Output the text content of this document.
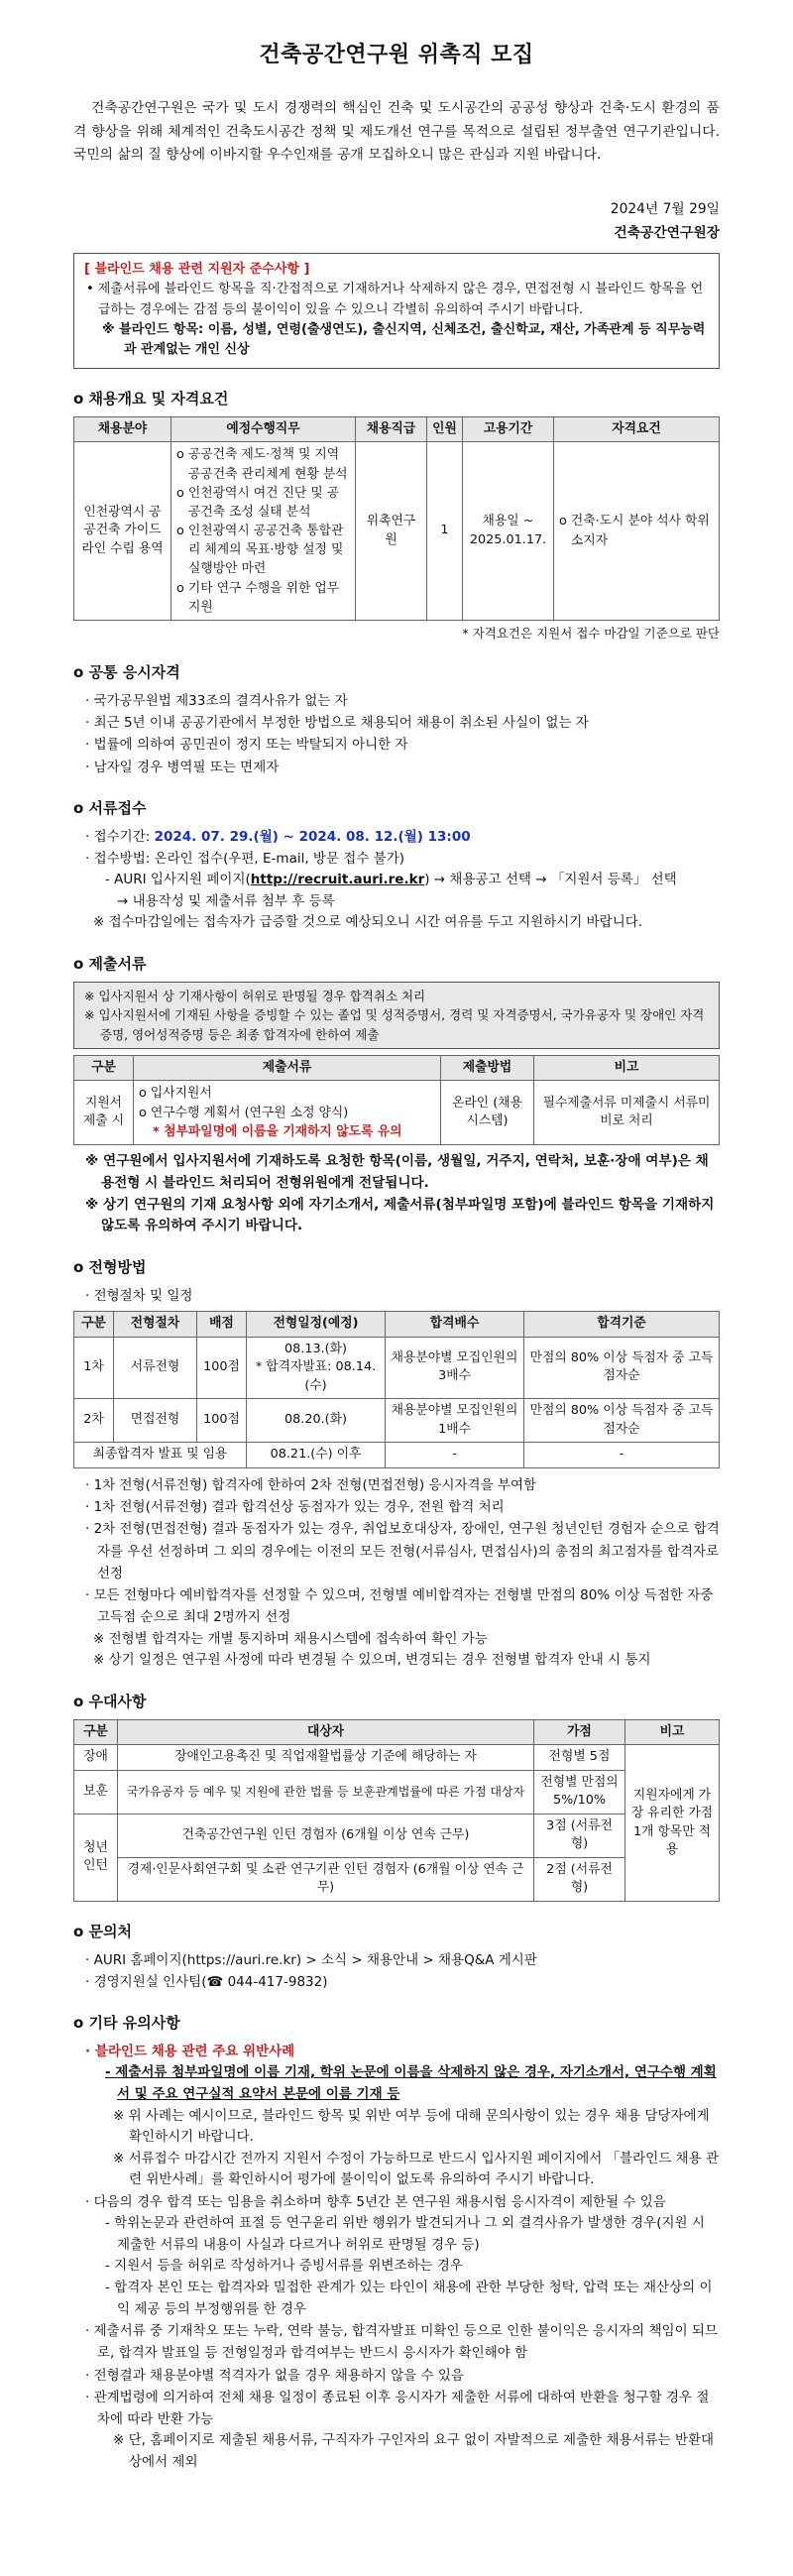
건축공간연구원 위촉직 모집

건축공간연구원은 국가 및 도시 경쟁력의 핵심인 건축 및 도시공간의 공공성 향상과 건축·도시 환경의 품격 향상을 위해 체계적인 건축도시공간 정책 및 제도개선 연구를 목적으로 설립된 정부출연 연구기관입니다. 국민의 삶의 질 향상에 이바지할 우수인재를 공개 모집하오니 많은 관심과 지원 바랍니다.

2024년 7월 29일
건축공간연구원장
[ 블라인드 채용 관련 지원자 준수사항 ]
• 제출서류에 블라인드 항목을 직·간접적으로 기재하거나 삭제하지 않은 경우, 면접전형 시 블라인드 항목을 언급하는 경우에는 감점 등의 불이익이 있을 수 있으니 각별히 유의하여 주시기 바랍니다.
※ 블라인드 항목: 이름, 성별, 연령(출생연도), 출신지역, 신체조건, 출신학교, 재산, 가족관계 등 직무능력과 관계없는 개인 신상
o 채용개요 및 자격요건
채용분야	예정수행직무	채용직급	인원	고용기간	자격요건
인천광역시 공공건축 가이드라인 수립 용역	o 공공건축 제도·정책 및 지역 공공건축 관리체계 현황 분석
o 인천광역시 여건 진단 및 공공건축 조성 실태 분석
o 인천광역시 공공건축 통합관리 체계의 목표·방향 설정 및 실행방안 마련
o 기타 연구 수행을 위한 업무지원	위촉연구원	1	채용일 ~ 2025.01.17.	o 건축·도시 분야 석사 학위 소지자
* 자격요건은 지원서 접수 마감일 기준으로 판단
o 공통 응시자격
· 국가공무원법 제33조의 결격사유가 없는 자
· 최근 5년 이내 공공기관에서 부정한 방법으로 채용되어 채용이 취소된 사실이 없는 자
· 법률에 의하여 공민권이 정지 또는 박탈되지 아니한 자
· 남자일 경우 병역필 또는 면제자
o 서류접수
· 접수기간: 2024. 07. 29.(월) ~ 2024. 08. 12.(월) 13:00
· 접수방법: 온라인 접수(우편, E-mail, 방문 접수 불가)
- AURI 입사지원 페이지(http://recruit.auri.re.kr) → 채용공고 선택 → 「지원서 등록」 선택
→ 내용작성 및 제출서류 첨부 후 등록
※ 접수마감일에는 접속자가 급증할 것으로 예상되오니 시간 여유를 두고 지원하시기 바랍니다.
o 제출서류
※ 입사지원서 상 기재사항이 허위로 판명될 경우 합격취소 처리
※ 입사지원서에 기재된 사항을 증빙할 수 있는 졸업 및 성적증명서, 경력 및 자격증명서, 국가유공자 및 장애인 자격증명, 영어성적증명 등은 최종 합격자에 한하여 제출
구분	제출서류	제출방법	비고
지원서 제출 시	o 입사지원서
o 연구수행 계획서 (연구원 소정 양식)
* 첨부파일명에 이름을 기재하지 않도록 유의	온라인 (채용시스템)	필수제출서류 미제출시 서류미비로 처리
※ 연구원에서 입사지원서에 기재하도록 요청한 항목(이름, 생월일, 거주지, 연락처, 보훈·장애 여부)은 채용전형 시 블라인드 처리되어 전형위원에게 전달됩니다.
※ 상기 연구원의 기재 요청사항 외에 자기소개서, 제출서류(첨부파일명 포함)에 블라인드 항목을 기재하지 않도록 유의하여 주시기 바랍니다.
o 전형방법
· 전형절차 및 일정
구분	전형절차	배점	전형일정(예정)	합격배수	합격기준
1차	서류전형	100점	08.13.(화)
* 합격자발표: 08.14.(수)	채용분야별 모집인원의 3배수	만점의 80% 이상 득점자 중 고득점자순
2차	면접전형	100점	08.20.(화)	채용분야별 모집인원의 1배수	만점의 80% 이상 득점자 중 고득점자순
최종합격자 발표 및 임용			08.21.(수) 이후	-	-
· 1차 전형(서류전형) 합격자에 한하여 2차 전형(면접전형) 응시자격을 부여함
· 1차 전형(서류전형) 결과 합격선상 동점자가 있는 경우, 전원 합격 처리
· 2차 전형(면접전형) 결과 동점자가 있는 경우, 취업보호대상자, 장애인, 연구원 청년인턴 경험자 순으로 합격자를 우선 선정하며 그 외의 경우에는 이전의 모든 전형(서류심사, 면접심사)의 총점의 최고점자를 합격자로 선정
· 모든 전형마다 예비합격자를 선정할 수 있으며, 전형별 예비합격자는 전형별 만점의 80% 이상 득점한 자중 고득점 순으로 최대 2명까지 선정
※ 전형별 합격자는 개별 통지하며 채용시스템에 접속하여 확인 가능
※ 상기 일정은 연구원 사정에 따라 변경될 수 있으며, 변경되는 경우 전형별 합격자 안내 시 통지
o 우대사항
구분	대상자	가점	비고
장애	장애인고용촉진 및 직업재활법률상 기준에 해당하는 자	전형별 5점	지원자에게 가장 유리한 가점 1개 항목만 적용
보훈	국가유공자 등 예우 및 지원에 관한 법률 등 보훈관계법률에 따른 가점 대상자	전형별 만점의 5%/10%	
청년 인턴	건축공간연구원 인턴 경험자 (6개월 이상 연속 근무)	3점 (서류전형)	
	경제·인문사회연구회 및 소관 연구기관 인턴 경험자 (6개월 이상 연속 근무)	2점 (서류전형)	
o 문의처
· AURI 홈페이지(https://auri.re.kr) > 소식 > 채용안내 > 채용Q&A 게시판
· 경영지원실 인사팀(☎ 044-417-9832)
o 기타 유의사항
· 블라인드 채용 관련 주요 위반사례
- 제출서류 첨부파일명에 이름 기재, 학위 논문에 이름을 삭제하지 않은 경우, 자기소개서, 연구수행 계획서 및 주요 연구실적 요약서 본문에 이름 기재 등
※ 위 사례는 예시이므로, 블라인드 항목 및 위반 여부 등에 대해 문의사항이 있는 경우 채용 담당자에게 확인하시기 바랍니다.
※ 서류접수 마감시간 전까지 지원서 수정이 가능하므로 반드시 입사지원 페이지에서 「블라인드 채용 관련 위반사례」를 확인하시어 평가에 불이익이 없도록 유의하여 주시기 바랍니다.
· 다음의 경우 합격 또는 임용을 취소하며 향후 5년간 본 연구원 채용시험 응시자격이 제한될 수 있음
- 학위논문과 관련하여 표절 등 연구윤리 위반 행위가 발견되거나 그 외 결격사유가 발생한 경우(지원 시 제출한 서류의 내용이 사실과 다르거나 허위로 판명될 경우 등)
- 지원서 등을 허위로 작성하거나 증빙서류를 위변조하는 경우
- 합격자 본인 또는 합격자와 밀접한 관계가 있는 타인이 채용에 관한 부당한 청탁, 압력 또는 재산상의 이익 제공 등의 부정행위를 한 경우
· 제출서류 중 기재착오 또는 누락, 연락 불능, 합격자발표 미확인 등으로 인한 불이익은 응시자의 책임이 되므로, 합격자 발표일 등 전형일정과 합격여부는 반드시 응시자가 확인해야 함
· 전형결과 채용분야별 적격자가 없을 경우 채용하지 않을 수 있음
· 관계법령에 의거하여 전체 채용 일정이 종료된 이후 응시자가 제출한 서류에 대하여 반환을 청구할 경우 절차에 따라 반환 가능
※ 단, 홈페이지로 제출된 채용서류, 구직자가 구인자의 요구 없이 자발적으로 제출한 채용서류는 반환대상에서 제외
